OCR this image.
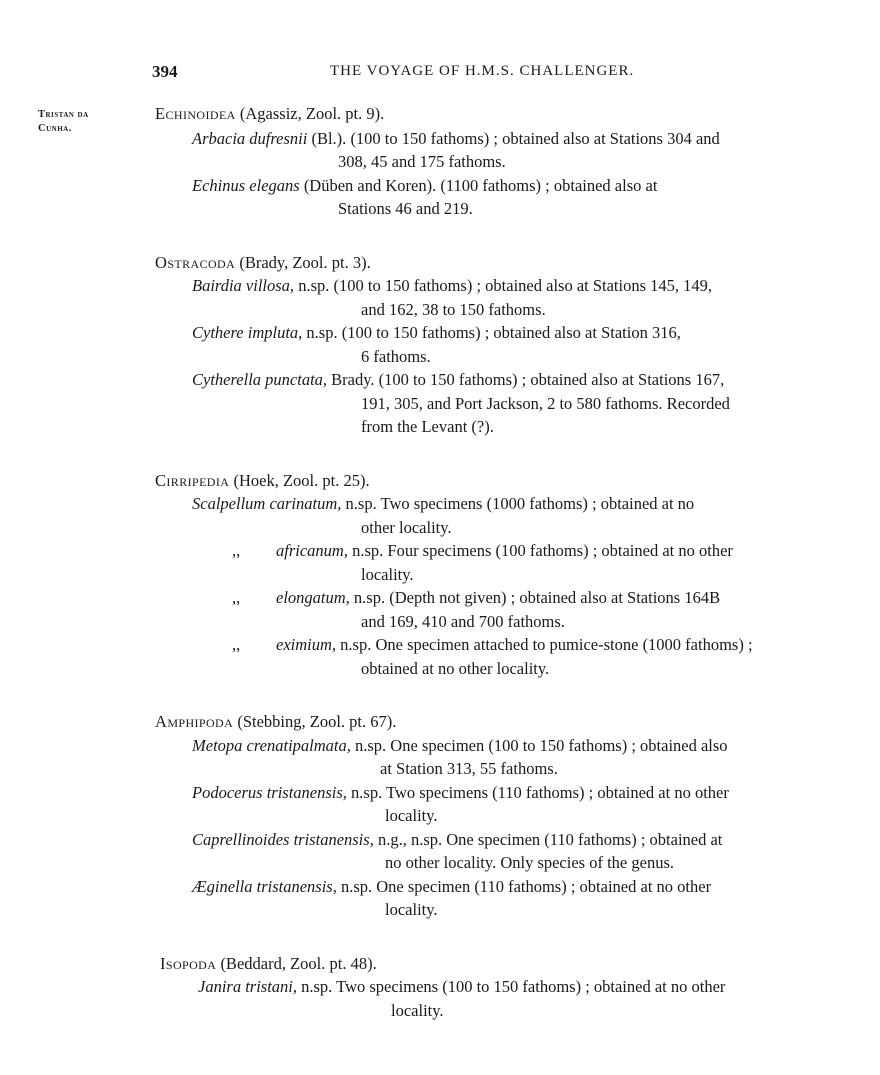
394	THE VOYAGE OF H.M.S. CHALLENGER.
Tristan da
Cunha.
Echinoidea (Agassiz, Zool. pt. 9).
Arbacia dufresnii (Bl.). (100 to 150 fathoms) ; obtained also at Stations 304 and
308, 45 and 175 fathoms.
Echinus elegans (Düben and Koren). (1100 fathoms) ; obtained also at
Stations 46 and 219.
Ostracoda (Brady, Zool. pt. 3).
Bairdia villosa, n.sp. (100 to 150 fathoms) ; obtained also at Stations 145, 149,
and 162, 38 to 150 fathoms.
Cythere impluta, n.sp. (100 to 150 fathoms) ; obtained also at Station 316,
6 fathoms.
Cytherella punctata, Brady. (100 to 150 fathoms) ; obtained also at Stations 167,
191, 305, and Port Jackson, 2 to 580 fathoms. Recorded
from the Levant (?).
Cirripedia (Hoek, Zool. pt. 25).
Scalpellum carinatum, n.sp. Two specimens (1000 fathoms) ; obtained at no
other locality.
,, africanum, n.sp. Four specimens (100 fathoms) ; obtained at no other
locality.
,, elongatum, n.sp. (Depth not given) ; obtained also at Stations 164B
and 169, 410 and 700 fathoms.
,, eximium, n.sp. One specimen attached to pumice-stone (1000 fathoms) ;
obtained at no other locality.
Amphipoda (Stebbing, Zool. pt. 67).
Metopa crenatipalmata, n.sp. One specimen (100 to 150 fathoms) ; obtained also
at Station 313, 55 fathoms.
Podocerus tristanensis, n.sp. Two specimens (110 fathoms) ; obtained at no other
locality.
Caprellinoides tristanensis, n.g., n.sp. One specimen (110 fathoms) ; obtained at
no other locality. Only species of the genus.
Æginella tristanensis, n.sp. One specimen (110 fathoms) ; obtained at no other
locality.
Isopoda (Beddard, Zool. pt. 48).
Janira tristani, n.sp. Two specimens (100 to 150 fathoms) ; obtained at no other
locality.
